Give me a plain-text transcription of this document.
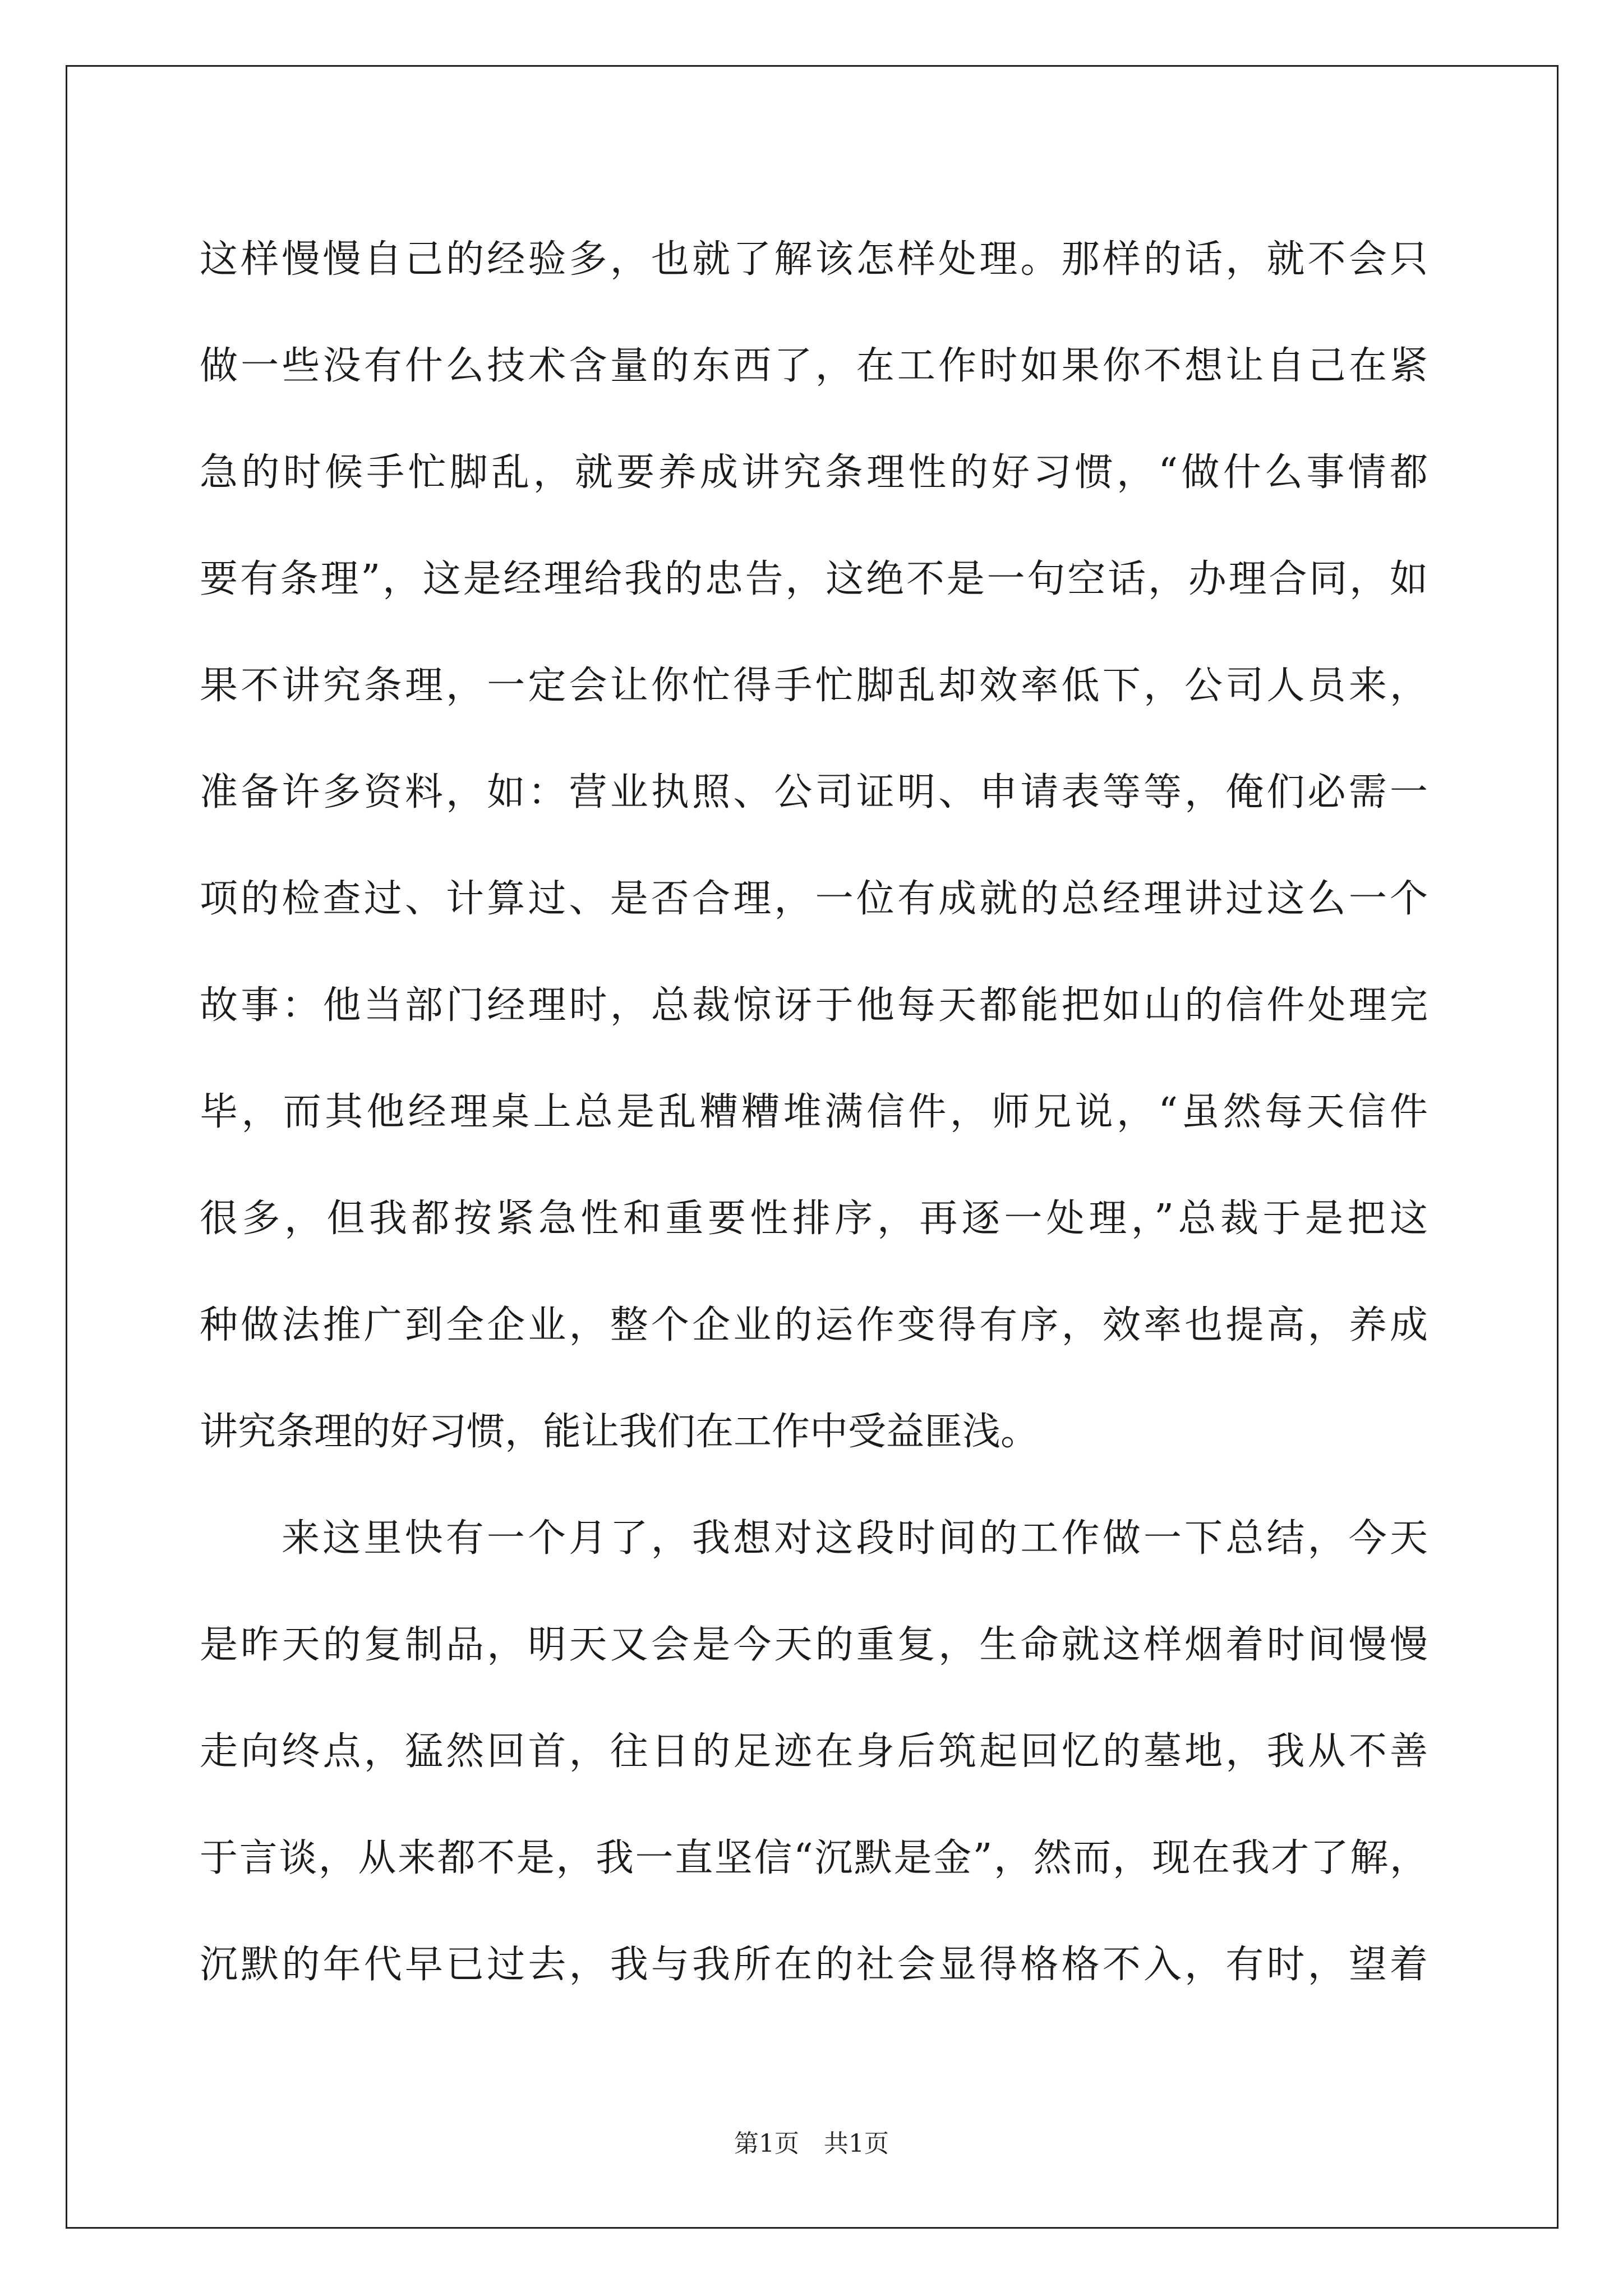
这样慢慢自己的经验多，也就了解该怎样处理。那样的话，就不会只
做一些没有什么技术含量的东西了，在工作时如果你不想让自己在紧
急的时候手忙脚乱，就要养成讲究条理性的好习惯，“做什么事情都
要有条理”，这是经理给我的忠告，这绝不是一句空话，办理合同，如
果不讲究条理，一定会让你忙得手忙脚乱却效率低下，公司人员来，
准备许多资料，如：营业执照、公司证明、申请表等等，俺们必需一
项的检查过、计算过、是否合理，一位有成就的总经理讲过这么一个
故事：他当部门经理时，总裁惊讶于他每天都能把如山的信件处理完
毕，而其他经理桌上总是乱糟糟堆满信件，师兄说，“虽然每天信件
很多，但我都按紧急性和重要性排序，再逐一处理，”总裁于是把这
种做法推广到全企业，整个企业的运作变得有序，效率也提高，养成
讲究条理的好习惯，能让我们在工作中受益匪浅。
来这里快有一个月了，我想对这段时间的工作做一下总结，今天
是昨天的复制品，明天又会是今天的重复，生命就这样烟着时间慢慢
走向终点，猛然回首，往日的足迹在身后筑起回忆的墓地，我从不善
于言谈，从来都不是，我一直坚信“沉默是金”，然而，现在我才了解，
沉默的年代早已过去，我与我所在的社会显得格格不入，有时，望着
第1页 共1页
